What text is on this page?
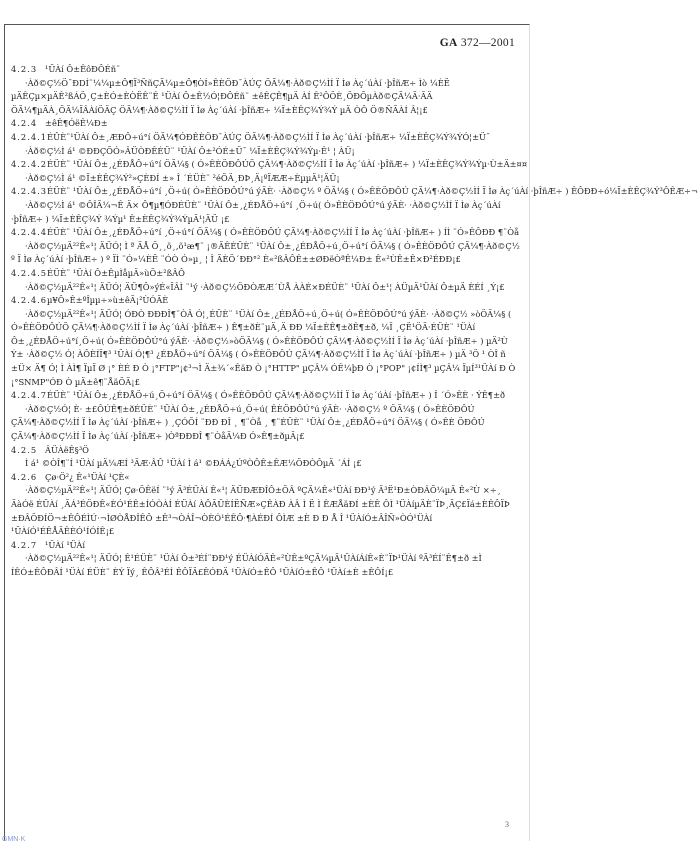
GA 372—2001
4.2.3 ¹ÜÀí Ô±ÊôÐÔÉñ¨

·Àð©Ç½Ö¯ÐDÍ¨¼¼µ±Ô¶Ï³ÑñÇÃ¼µ±Ô¶ÒÍ»ÊÈÖÐ¯ÀÚÇ ÖÃ¼¶·Àð©Ç½ÌÍ Ï Ìø Àç´úÀí ·þÎñÆ÷ Ìò ¼ÈË µÄÊÇµ×µÄÊ²ßÁÖ¸Ç±ÈÓ±ÈÒËÊ¨Ê ¹ÜÀí Ô±Ê½Ó¦ÐÔÉñ¨ ±êÊÇÊ¶µÄ ÀÍ Ê²ÔÖÈ¸ÖÐÕµÀð©ÇÃ¼Ã·ÃÄ ÖÃ¼¶µÄÀ¸ÖÃ¼ÏÂÀíÖÄÇ ÖÃ¼¶·Àð©Ç½ÌÍ Ï Ìø Àç´úÀí ·þÎñÆ÷ ¼Ï±ÈÊÇ¾Ý¾Ý µÄ ÒÔ Ö®ÑÃÀÍ Â¦¡£

4.2.4 ±êÊ¶ÓëÊ¼Ð±
4.2.4.1ÉÛÈ¨¹ÜÀí Ô±¸ÆÐÔ÷ú°í ÖÃ¼¶ÓÐÊÈÖÐ¯ÀÚÇ ÖÃ¼¶·Àð©Ç½ÌÍ Ï Ìø Àç´úÀí ·þÎñÆ÷ ¼Ï±ÈÊÇ¾Ý¾ÝÓ¦±Ü¯

·Àð©Ç½Ì á¹ ©ÐÐÇÕÓ»ÂÜÒÐÊÉÜ¨ ¹ÜÀí Ô±²ÓÉ±Ü¯ ¼Ï±ÈÊÇ¾Ý¾Ýµ·Ê¹ ¦ ÀÜ¡

4.2.4.2ÉÜÈ¨ ¹ÜÀí Ô±¸¿ÉÐÅÔ÷ú°í ÖÃ¼§ ( Ó»ÊÈÖÐÔÚÕ ÇÃ¼¶·Àð©Ç½ÌÍ Ï Ìø Àç´úÀí ·þÎñÆ÷ ) ¼Ï±ÈÊÇ¾Ý¾Ýµ·Ù±Ä±¤¤

·Àð©Ç½Ì á¹ ©Ï±ÈÊÇ¾Ý²»ÇÈÐÍ ±» Î ´ÉÜÈ¨ ²éÕÄ¸ÐÞ¸Ä¡ºÏÆÆ÷ÈµµÄ¹¦ÄÜ¡

4.2.4.3ÉÜÈ¨ ¹ÜÀí Ô±¸¿ÉÐÅÖ÷ú°í ¸Ö÷ú( Ó»ÊÈÖÐÔÚ°ú ýÃÈ· ·Àð©Ç½ º ÖÃ¼§ ( Ó»ÊÈÖÐÔÚ ÇÃ¼¶·Àð©Ç½ÌÍ Ï Ìø Àç´úÀí ·þÎñÆ÷ ) ÊÔÐÐ÷ó¼Ï±ÈÊÇ¾Ý³ÔÊÆ÷¬

·Àð©Ç½Ì á¹ ©ÔÎÃ¼¬Ê Ä× Ô¶µ¶ÓÐÉÜÈ¨ ¹ÜÀí Ô±¸¿ÉÐÅÖ÷ú°í ¸Ö÷ú( Ó»ÊÈÖÐÔÚ°ú ýÃÈ· ·Àð©Ç½ÌÍ Ï Ìø Àç´úÀí ·þÎñÆ÷ ) ¼Ï±ÈÊÇ¾Ý ¾Ýµ¹ Ê±ÈÊÇ¾Ý¾ÝµÄ¹¦ÄÜ ¡£

4.2.4.4ÉÜÈ¨ ¹ÜÀí Ô±¸¿ÉÐÅÖ÷ú°í ¸Ö÷ú°í ÖÃ¼§ ( Ó»ÊÈÖÐÔÚ ÇÃ¼¶·Àð©Ç½ÌÍ Ï Ìø Àç´úÀí ·þÎñÆ÷ ) ÍÌ ¨Ó»ÊÔÐÐ ¶¨Òå

·Àð©Ç½µÄ²²Ê«¹¦ ÄÜÓ¦ Ì ª ÃÅ Ö¸¸ö¸,õ¹æ¶¨ ¡®ÃÊÉÜÈ¨ ¹ÜÀí Ô±¸¿ÉÐÅÖ÷ú¸Ö÷ú°í ÖÃ¼§ ( Ó»ÊÈÖÐÔÚ ÇÃ¼¶·Àð©Ç½ º Ï Ìø Àç´úÀí ·þÎñÆ÷ ) º ÏÌ ¨Ó»¼ÈË ¨ÓÒ Ó»µ¸ ¦ Î ÃÈÖ´ÐÐ°² È«²ßÂÔÊ±±ØÐëÒªÊ¼Ð± Ê«²ÙÊ±Ê×Ð²ÉÐÐ¡£

4.2.4.5ÉÜÈ¨ ¹ÜÀí Ô±ÊµÌåµÄ»ùÕ±²ßÂÔ

·Àð©Ç½µÄ²²Ê«¹¦ ÄÜÓ¦ ÄÜ¶Ô»ýÉ«ÏÂÌ ¨¹ý ·Àð©Ç½ÖÐÒÆÆ´ÙÅ ÀÀÉ×ÐÉÜÈ¨ ¹ÜÀí Ô±¹¦ ÀÜµÄ¹ÜÀí Ô±µÄ ÈÉÍ ¸Ý¡£

4.2.4.6µ¥Ô»Ê±ºÎµµ÷»ù±êÃ¡²ÙÓÃÈ

·Àð©Ç½µÄ²²Ê«¹¦ ÄÜÓ¦ ÓÐÒ ÐÐÐÎ¶¨ÒÂ Ó¦¸ÉÜÈ¨ ¹ÜÀí Ô±¸¿ÉÐÅÖ÷ú¸Ö÷ú( Ó»ÊÈÖÐÔÚ°ú ýÃÈ· ·Àð©Ç½ »òÖÃ¼§ ( Ó»ÊÈÖÐÔÚÕ ÇÃ¼¶·Àð©Ç½ÌÍ Ï Ìø Àç´úÀí ·þÎñÆ÷ ) Ê¶±ðÈ¨µÄ¸Ä ÐÐ ¼Ï±ÈÊ¶±ðÊ¶±ð, ¼Ï ¸ÇË¹ÖÃ·ÉÜÈ¨ ¹ÜÀí Ô±¸¿ÉÐÅÖ÷ú°í¸Ö÷ú( Ó»ÊÈÖÐÔÚ°ú ýÃÈ· ·Àð©Ç½»òÖÃ¼§ ( Ó»ÊÈÖÐÔÚ ÇÃ¼¶·Àð©Ç½ÌÍ Ï Ìø Àç´úÀí ·þÎñÆ÷ ) µÄ²Ù Ý± ·Àð©Ç½ Ó¦ ÀÔÈÍÏ¶³ ¹ÜÀí Ó¦¶³ ¿ÉÐÅÖ÷ú°í ÖÃ¼§ ( Ó»ÊÈÖÐÔÚ ÇÃ¼¶·Àð©Ç½ÌÍ Ï Ìø Àç´úÀí ·þÎñÆ÷ ) µÄ ³Ö ¹ ÒÎ ñ ±Ü× Ä¶ Ó¦ Ì ÀÌ¶ ÏµÏ Ø ¡° ÈÉ Ð Ò ¡°FTP"¡¢³¬Ì Ä±¾´«ÊäÐ Ò ¡°HTTP" µÇÂ¼ ÓÊ¼þÐ Ò ¡°POP" ¡¢ÍÌ¶³ µÇÂ¼ ÏµÍ³¹ÜÀí Ð Ò ¡°SNMP"ÓÐ Ò µÄ±ê¶¨ÅäÖÃ¡£

4.2.4.7ÉÜÈ¨ ¹ÜÀí Ô±¸¿ÉÐÅÖ÷ú¸Ö÷ú°í ÖÃ¼§ ( Ó»ÊÈÖÐÔÚ ÇÃ¼¶·Àð©Ç½ÌÍ Ï Ìø Àç´úÀí ·þÎñÆ÷ ) Î ´Ó»ÊÈ · ÝÊ¶±ð

·Àð©Ç½Ó¦ È· ±£ÔÚÊ¶±ðÉÜÈ¨ ¹ÜÀí Ô±¸¿ÉÐÅÖ÷ú¸Ö÷ú( ÊÈÖÐÔÚ°ú ýÃÈ· ·Àð©Ç½ º ÖÃ¼§ ( Ó»ÊÈÖÐÔÚ ÇÃ¼¶·Àð©Ç½ÌÍ Ï Ìø Àç´úÀí ·þÎñÆ÷ ) ¸ÇÓÕÍ ¨ÐÐ ÐÎ ¸ ¶¨Òå ¸ ¶¨ÉÜÈ¨ ¹ÜÀí Ô±¸¿ÉÐÅÖ÷ú°í ÖÃ¼§ ( Ó»ÊÈ ÖÐÔÚ ÇÃ¼¶·Àð©Ç½ÌÍ Ï Ìø Àç´úÀí ·þÎñÆ÷ )ÒªÐÐÐÎ ¶¨ÒåÃ¼Ð Ó»Ê¶±ðµÄ¡£

4.2.5 ÂÜÀëÊ§³Ö

Ì á¹ ©ÒÎ¶¨Í ¹ÜÀí µÄ¼ÆÍ ³ÃÆ·ÂÛ ¹ÜÀí Ì á¹ ©ÐÁÁ¿ÚºÒÔÊ±ÊÆ¼ÖÐÒÔµÄ ´ÁÍ ¡£

4.2.6 Çø·Ö²¿ Ê«¹ÜÀí ¹ÇÈ«

·Àð©Ç½µÄ²²Ê«¹¦ ÄÜÓ¦ Çø·ÖÊëÍ ¨¹ý Ä³ÉÜÀí Ê«¹¦ ÄÜÐÆÐÎÔ±ÕÂ ºÇÃ¼Ê«¹ÜÀí ÐÐ¹ý Ä³Ë¹Ð±ÒÐÂÕ¼µÄ Ê«²Ù ×÷¸ ÃàÓë ÉÜÀí ¸ÃÁ³ÉÖÐÊ«ÈÓ¹ÉÊ±ÍÓÒÀÍ ÉÜÀí ÀÔÃÜÈÍËÑÆ»ÇÊÀÐ ÀÂ Ì Ë Ì ÊÆÅäÐÍ ±ÈÊ ÔÌ ¹ÜÀíµÄÈ¨ÏÞ¸ÃÇ£Ïá±ÈÊÔÏÞ ±ÐÂÖÐÍÖ¬±ÊÔÉÌÚ·¬ÌØÒÅÐÎÊÔ ±Ê³¬ÒÁÎ¬ÒÈÓ¹ÉÊÔ·¶ÀÉÐÍ ÔÌÆ ±È Ð Ð Å Î ¹ÜÀíÓ±ÂÎÑ»ÒÓ¹ÜÀí ¹ÜÀíÓ¹ÉÊÅÄÊÈÓ¹ÍÓÍÊ¡£

4.2.7 ¹ÜÀí ¹ÜÀí

·Àð©Ç½µÄ²²Ê«¹¦ ÄÜÓ¦ Ê¹ÉÜÈ¨ ¹ÜÀí Ô±³ÉÍ¨ÐÐ¹ý ÉÜÀíÓÃÊ«²ÙÊ±ºÇÃ¼µÄ¹ÜÀíÁíÊ«È¨ÏÞ¹ÜÀí ºÃ³ÉÍ¨Ê¶±ð ±Ì ÍÊÓ±ÊÔÐÂÍ ¹ÜÀí ÉÜÈ¨ ÈÝ Ïý¸ ÊÔÂ³ÉÍ ÊÔÏÄ£ÊÓÐÄ ¹ÜÀíÓ±ÊÔ ¹ÜÀíÓ±ÊÔ ¹ÜÀí±È ±ÊÔÍ¡£

3
GMN·K
